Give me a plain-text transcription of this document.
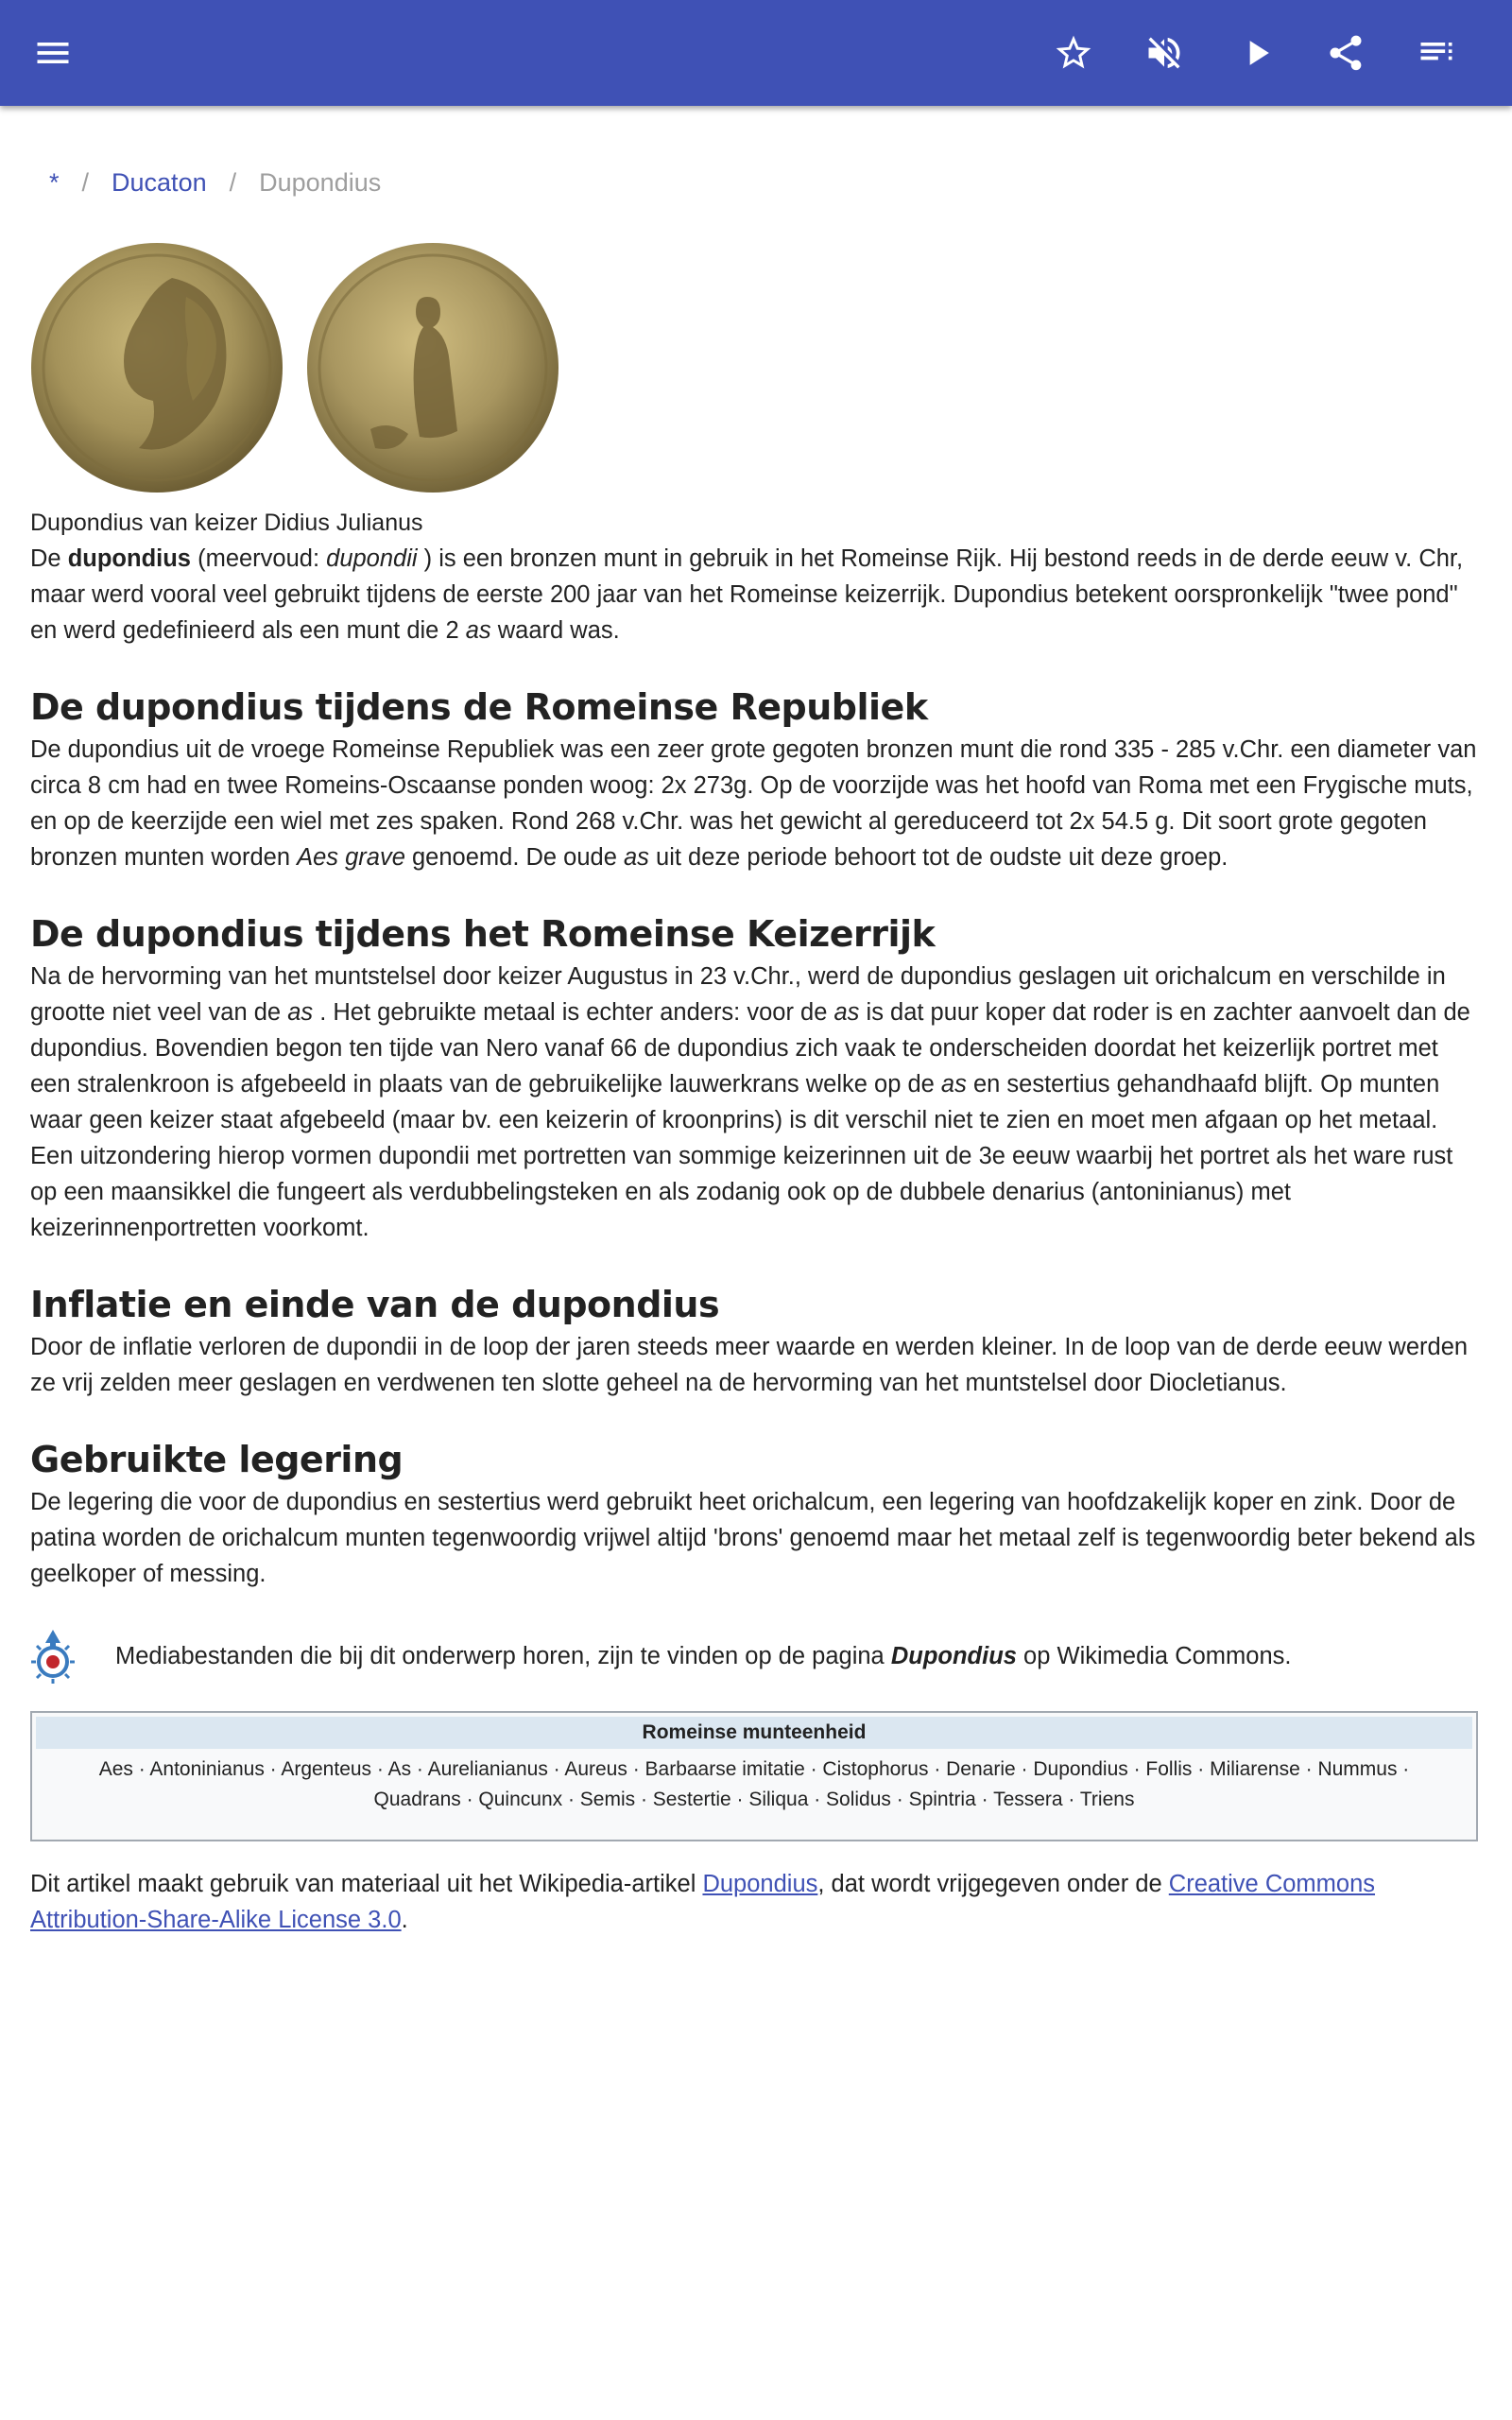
* / Ducaton / Dupondius
Dupondius van keizer Didius Julianus

De dupondius (meervoud: dupondii ) is een bronzen munt in gebruik in het Romeinse Rijk. Hij bestond reeds in de derde eeuw v. Chr, maar werd vooral veel gebruikt tijdens de eerste 200 jaar van het Romeinse keizerrijk. Dupondius betekent oorspronkelijk "twee pond" en werd gedefinieerd als een munt die 2 as waard was.

De dupondius tijdens de Romeinse Republiek

De dupondius uit de vroege Romeinse Republiek was een zeer grote gegoten bronzen munt die rond 335 - 285 v.Chr. een diameter van circa 8 cm had en twee Romeins-Oscaanse ponden woog: 2x 273g. Op de voorzijde was het hoofd van Roma met een Frygische muts, en op de keerzijde een wiel met zes spaken. Rond 268 v.Chr. was het gewicht al gereduceerd tot 2x 54.5 g. Dit soort grote gegoten bronzen munten worden Aes grave genoemd. De oude as uit deze periode behoort tot de oudste uit deze groep.

De dupondius tijdens het Romeinse Keizerrijk

Na de hervorming van het muntstelsel door keizer Augustus in 23 v.Chr., werd de dupondius geslagen uit orichalcum en verschilde in grootte niet veel van de as . Het gebruikte metaal is echter anders: voor de as is dat puur koper dat roder is en zachter aanvoelt dan de dupondius. Bovendien begon ten tijde van Nero vanaf 66 de dupondius zich vaak te onderscheiden doordat het keizerlijk portret met een stralenkroon is afgebeeld in plaats van de gebruikelijke lauwerkrans welke op de as en sestertius gehandhaafd blijft. Op munten waar geen keizer staat afgebeeld (maar bv. een keizerin of kroonprins) is dit verschil niet te zien en moet men afgaan op het metaal. Een uitzondering hierop vormen dupondii met portretten van sommige keizerinnen uit de 3e eeuw waarbij het portret als het ware rust op een maansikkel die fungeert als verdubbelingsteken en als zodanig ook op de dubbele denarius (antoninianus) met keizerinnenportretten voorkomt.

Inflatie en einde van de dupondius

Door de inflatie verloren de dupondii in de loop der jaren steeds meer waarde en werden kleiner. In de loop van de derde eeuw werden ze vrij zelden meer geslagen en verdwenen ten slotte geheel na de hervorming van het muntstelsel door Diocletianus.

Gebruikte legering

De legering die voor de dupondius en sestertius werd gebruikt heet orichalcum, een legering van hoofdzakelijk koper en zink. Door de patina worden de orichalcum munten tegenwoordig vrijwel altijd 'brons' genoemd maar het metaal zelf is tegenwoordig beter bekend als geelkoper of messing.

Mediabestanden die bij dit onderwerp horen, zijn te vinden op de pagina Dupondius op Wikimedia Commons.
Romeinse munteenheid
Aes · Antoninianus · Argenteus · As · Aurelianianus · Aureus · Barbaarse imitatie · Cistophorus · Denarie · Dupondius · Follis · Miliarense · Nummus ·
Quadrans · Quincunx · Semis · Sestertie · Siliqua · Solidus · Spintria · Tessera · Triens
Dit artikel maakt gebruik van materiaal uit het Wikipedia-artikel Dupondius, dat wordt vrijgegeven onder de Creative Commons Attribution-Share-Alike License 3.0.
